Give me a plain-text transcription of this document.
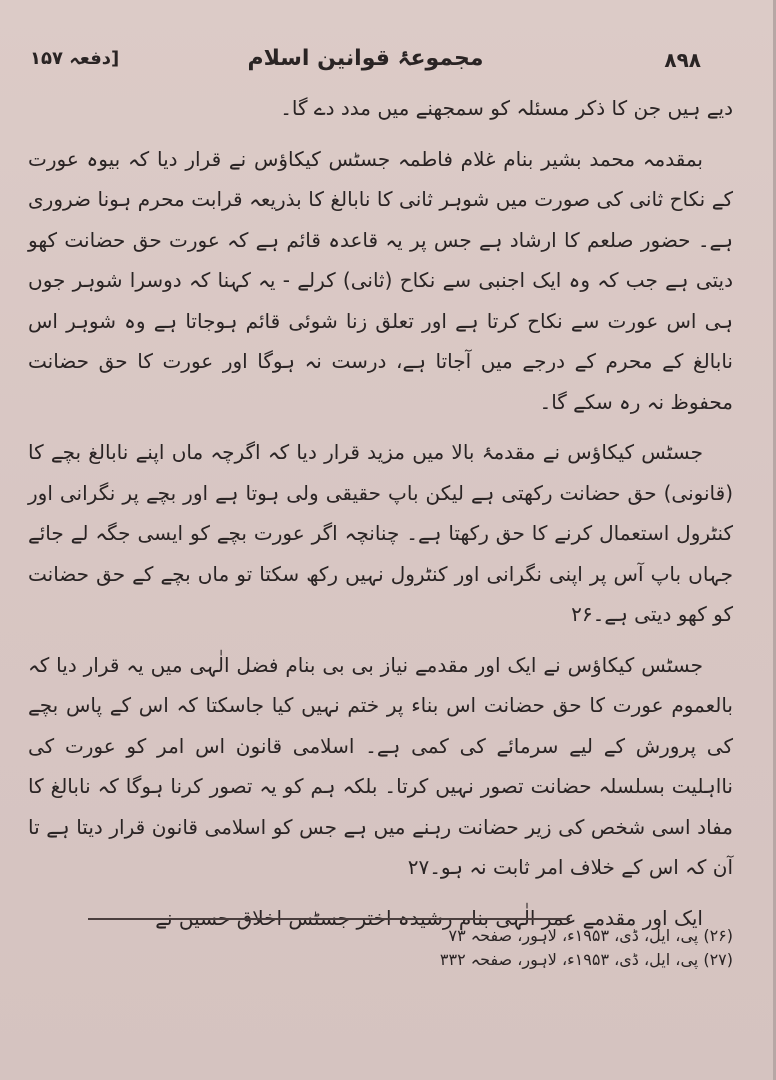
۸۹۸
مجموعۂ قوانین اسلام
[دفعہ ۱۵۷

دیے ہیں جن کا ذکر مسئلہ کو سمجھنے میں مدد دے گا۔

بمقدمہ محمد بشیر بنام غلام فاطمہ جسٹس کیکاؤس نے قرار دیا کہ بیوہ عورت کے نکاح ثانی کی صورت میں شوہر ثانی کا نابالغ کا بذریعہ قرابت محرم ہونا ضروری ہے۔ حضور صلعم کا ارشاد ہے جس پر یہ قاعدہ قائم ہے کہ عورت حق حضانت کھو دیتی ہے جب کہ وہ ایک اجنبی سے نکاح (ثانی) کرلے - یہ کہنا کہ دوسرا شوہر جوں ہی اس عورت سے نکاح کرتا ہے اور تعلق زنا شوئی قائم ہوجاتا ہے وہ شوہر اس نابالغ کے محرم کے درجے میں آجاتا ہے، درست نہ ہوگا اور عورت کا حق حضانت محفوظ نہ رہ سکے گا۔

جسٹس کیکاؤس نے مقدمۂ بالا میں مزید قرار دیا کہ اگرچہ ماں اپنے نابالغ بچے کا (قانونی) حق حضانت رکھتی ہے لیکن باپ حقیقی ولی ہوتا ہے اور بچے پر نگرانی اور کنٹرول استعمال کرنے کا حق رکھتا ہے۔ چنانچہ اگر عورت بچے کو ایسی جگہ لے جائے جہاں باپ آس پر اپنی نگرانی اور کنٹرول نہیں رکھ سکتا تو ماں بچے کے حق حضانت کو کھو دیتی ہے۔۲۶

جسٹس کیکاؤس نے ایک اور مقدمے نیاز بی بی بنام فضل الٰہی میں یہ قرار دیا کہ بالعموم عورت کا حق حضانت اس بناء پر ختم نہیں کیا جاسکتا کہ اس کے پاس بچے کی پرورش کے لیے سرمائے کی کمی ہے۔ اسلامی قانون اس امر کو عورت کی نااہلیت بسلسلہ حضانت تصور نہیں کرتا۔ بلکہ ہم کو یہ تصور کرنا ہوگا کہ نابالغ کا مفاد اسی شخص کی زیر حضانت رہنے میں ہے جس کو اسلامی قانون قرار دیتا ہے تا آن کہ اس کے خلاف امر ثابت نہ ہو۔۲۷

ایک اور مقدمے عمر الٰہی بنام رشیدہ اختر جسٹس اخلاق حسین نے

(۲۶) پی، ایل، ڈی، ۱۹۵۳ء، لاہور، صفحہ ۷۳

(۲۷) پی، ایل، ڈی، ۱۹۵۳ء، لاہور، صفحہ ۳۳۲
